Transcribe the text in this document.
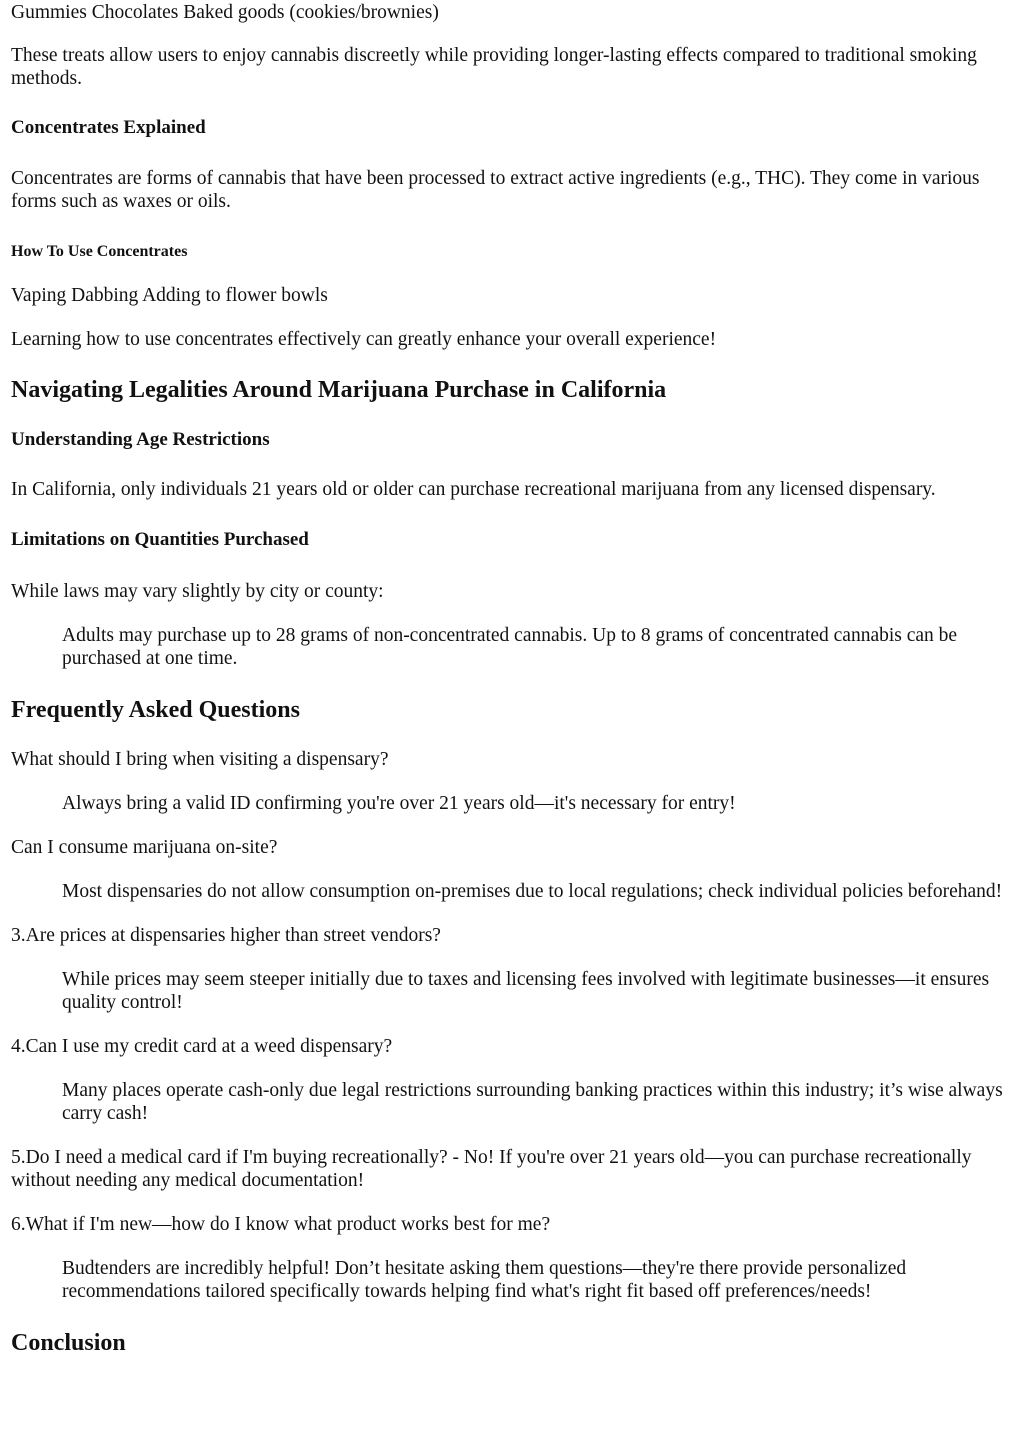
Gummies Chocolates Baked goods (cookies/brownies)

These treats allow users to enjoy cannabis discreetly while providing longer-lasting effects compared to traditional smoking methods.

Concentrates Explained

Concentrates are forms of cannabis that have been processed to extract active ingredients (e.g., THC). They come in various forms such as waxes or oils.

How To Use Concentrates

Vaping Dabbing Adding to flower bowls

Learning how to use concentrates effectively can greatly enhance your overall experience!

Navigating Legalities Around Marijuana Purchase in California
Understanding Age Restrictions

In California, only individuals 21 years old or older can purchase recreational marijuana from any licensed dispensary.

Limitations on Quantities Purchased

While laws may vary slightly by city or county:

Adults may purchase up to 28 grams of non-concentrated cannabis. Up to 8 grams of concentrated cannabis can be purchased at one time.
Frequently Asked Questions

What should I bring when visiting a dispensary?

Always bring a valid ID confirming you're over 21 years old—it's necessary for entry!

Can I consume marijuana on-site?

Most dispensaries do not allow consumption on-premises due to local regulations; check individual policies beforehand!

3.Are prices at dispensaries higher than street vendors?

While prices may seem steeper initially due to taxes and licensing fees involved with legitimate businesses—it ensures quality control!

4.Can I use my credit card at a weed dispensary?

Many places operate cash-only due legal restrictions surrounding banking practices within this industry; it’s wise always carry cash!

5.Do I need a medical card if I'm buying recreationally? - No! If you're over 21 years old—you can purchase recreationally without needing any medical documentation!

6.What if I'm new—how do I know what product works best for me?

Budtenders are incredibly helpful! Don’t hesitate asking them questions—they're there provide personalized recommendations tailored specifically towards helping find what's right fit based off preferences/needs!
Conclusion
